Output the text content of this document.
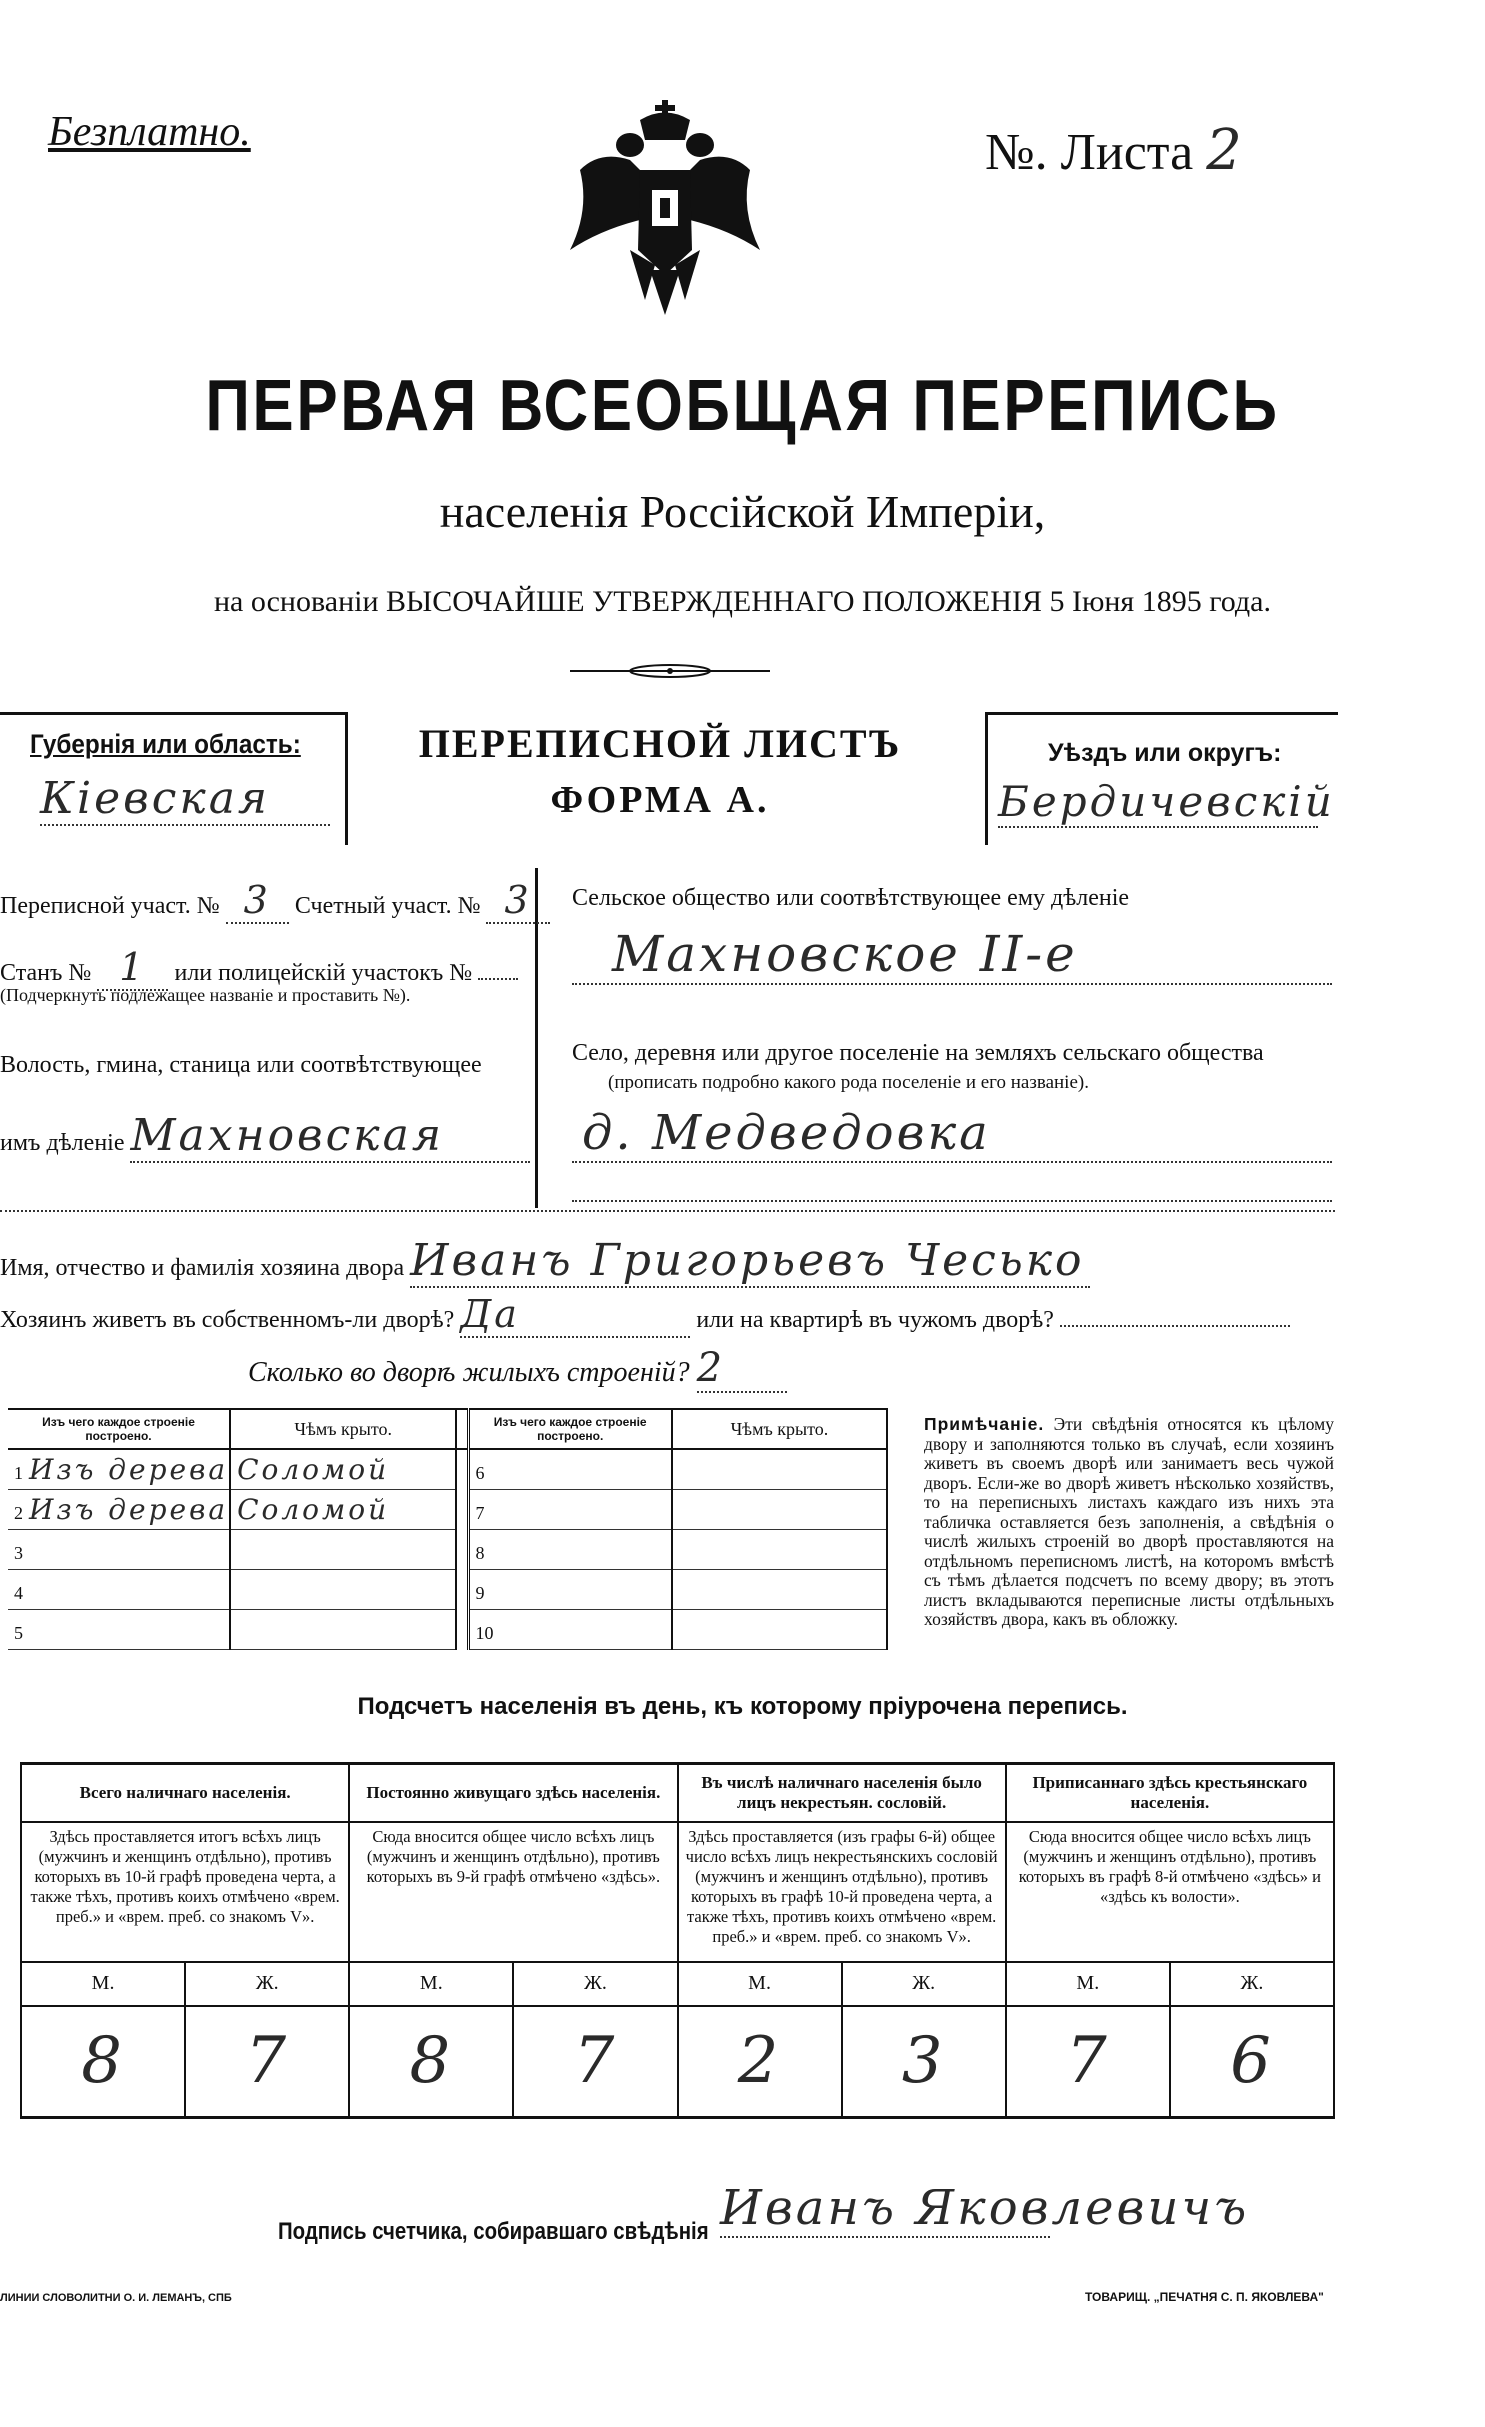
Безплатно.	№. Листа 2
ПЕРВАЯ ВСЕОБЩАЯ ПЕРЕПИСЬ
населенія Россійской Имперіи,
на основаніи ВЫСОЧАЙШЕ УТВЕРЖДЕННАГО ПОЛОЖЕНІЯ 5 Іюня 1895 года.
Губернія или область:
Кіевская
ПЕРЕПИСНОЙ ЛИСТЪ
ФОРМА А.
Уѣздъ или округъ:
Бердичевскій
Переписной участ. № 3 Счетный участ. № 3
Станъ № 1 или полицейскій участокъ №
(Подчеркнуть подлежащее названіе и проставить №).
Волость, гмина, станица или соотвѣтствующее
имъ дѣленіе Махновская
Сельское общество или соотвѣтствующее ему дѣленіе
Махновское II-е
Село, деревня или другое поселеніе на земляхъ сельскаго общества
(прописать подробно какого рода поселеніе и его названіе).
д. Медведовка
Имя, отчество и фамилія хозяина двора Иванъ Григорьевъ Чесько
Хозяинъ живетъ въ собственномъ-ли дворѣ? Да	или на квартирѣ въ чужомъ дворѣ?
Сколько во дворѣ жилыхъ строеній? 2
Изъ чего каждое строеніе построено.	Чѣмъ крыто.		Изъ чего каждое строеніе построено.	Чѣмъ крыто.
1 Изъ дерева	Соломой		6	
2 Изъ дерева	Соломой		7	
3			8	
4			9	
5			10	
Примѣчаніе. Эти свѣдѣнія относятся къ цѣлому двору и заполняются только въ случаѣ, если хозяинъ живетъ въ своемъ дворѣ или занимаетъ весь чужой дворъ. Если-же во дворѣ живетъ нѣсколько хозяйствъ, то на переписныхъ листахъ каждаго изъ нихъ эта табличка оставляется безъ заполненія, а свѣдѣнія о числѣ жилыхъ строеній во дворѣ проставляются на отдѣльномъ переписномъ листѣ, на которомъ вмѣстѣ съ тѣмъ дѣлается подсчетъ по всему двору; въ этотъ листъ вкладываются переписные листы отдѣльныхъ хозяйствъ двора, какъ въ обложку.
Подсчетъ населенія въ день, къ которому пріурочена перепись.
Всего наличнаго населенія.		Постоянно живущаго здѣсь населенія.		Въ числѣ наличнаго населенія было лицъ некрестьян. сословій.		Приписаннаго здѣсь крестьянскаго населенія.	
Здѣсь проставляется итогъ всѣхъ лицъ (мужчинъ и женщинъ отдѣльно), противъ которыхъ въ 10-й графѣ проведена черта, а также тѣхъ, противъ коихъ отмѣчено «врем. преб.» и «врем. преб. со знакомъ V».		Сюда вносится общее число всѣхъ лицъ (мужчинъ и женщинъ отдѣльно), противъ которыхъ въ 9-й графѣ отмѣчено «здѣсь».		Здѣсь проставляется (изъ графы 6-й) общее число всѣхъ лицъ некрестьянскихъ сословій (мужчинъ и женщинъ отдѣльно), противъ которыхъ въ графѣ 10-й проведена черта, а также тѣхъ, противъ коихъ отмѣчено «врем. преб.» и «врем. преб. со знакомъ V».		Сюда вносится общее число всѣхъ лицъ (мужчинъ и женщинъ отдѣльно), противъ которыхъ въ графѣ 8-й отмѣчено «здѣсь» и «здѣсь къ волости».	
М.	Ж.	М.	Ж.	М.	Ж.	М.	Ж.
8	7	8	7	2	3	7	6
Подпись счетчика, собиравшаго свѣдѣнія Иванъ Яковлевичъ
ЛИНИИ СЛОВОЛИТНИ О. И. ЛЕМАНЪ, СПБ	ТОВАРИЩ. „ПЕЧАТНЯ С. П. ЯКОВЛЕВА"
